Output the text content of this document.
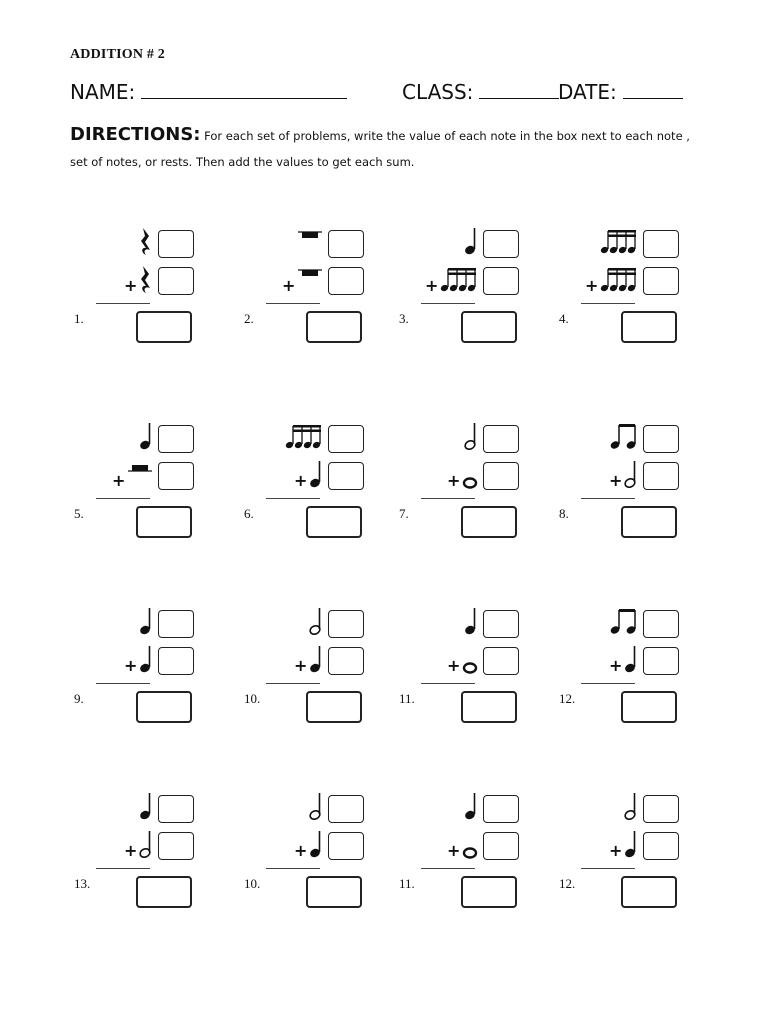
ADDITION # 2
NAME:	CLASS:	DATE:
DIRECTIONS: For each set of problems, write the value of each note in the box next to each note , set of notes, or rests. Then add the values to get each sum.
+
1.
+
2.
+
3.
+
4.
+
5.
+
6.
+
7.
+
8.
+
9.
+
10.
+
11.
+
12.
+
13.
+
10.
+
11.
+
12.
